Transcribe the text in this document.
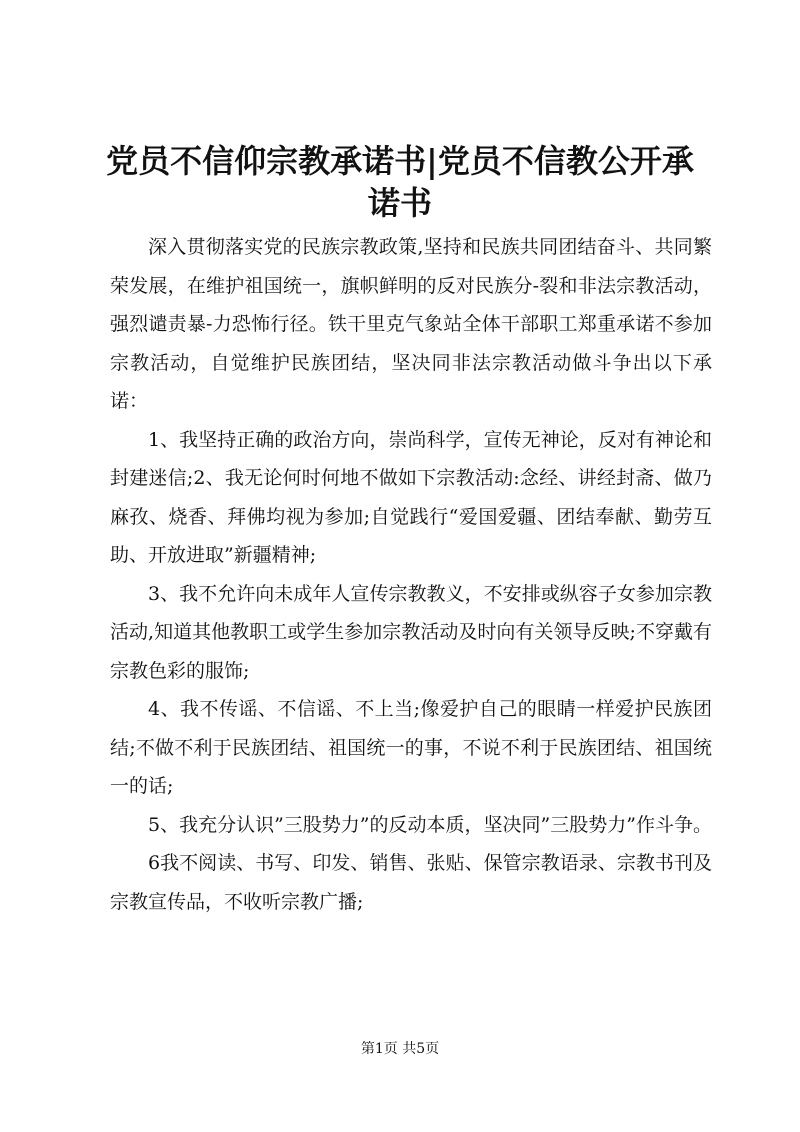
党员不信仰宗教承诺书|党员不信教公开承诺书

深入贯彻落实党的民族宗教政策,坚持和民族共同团结奋斗、共同繁荣发展，在维护祖国统一，旗帜鲜明的反对民族分-裂和非法宗教活动，强烈谴责暴-力恐怖行径。铁干里克气象站全体干部职工郑重承诺不参加宗教活动，自觉维护民族团结，坚决同非法宗教活动做斗争出以下承诺：

1、我坚持正确的政治方向，崇尚科学，宣传无神论，反对有神论和封建迷信;2、我无论何时何地不做如下宗教活动:念经、讲经封斋、做乃麻孜、烧香、拜佛均视为参加;自觉践行“爱国爱疆、团结奉献、勤劳互助、开放进取”新疆精神;

3、我不允许向未成年人宣传宗教教义，不安排或纵容子女参加宗教活动,知道其他教职工或学生参加宗教活动及时向有关领导反映;不穿戴有宗教色彩的服饰;

4、我不传谣、不信谣、不上当;像爱护自己的眼睛一样爱护民族团结;不做不利于民族团结、祖国统一的事，不说不利于民族团结、祖国统一的话;

5、我充分认识”三股势力”的反动本质，坚决同”三股势力”作斗争。

6我不阅读、书写、印发、销售、张贴、保管宗教语录、宗教书刊及宗教宣传品，不收听宗教广播;

第1页 共5页
